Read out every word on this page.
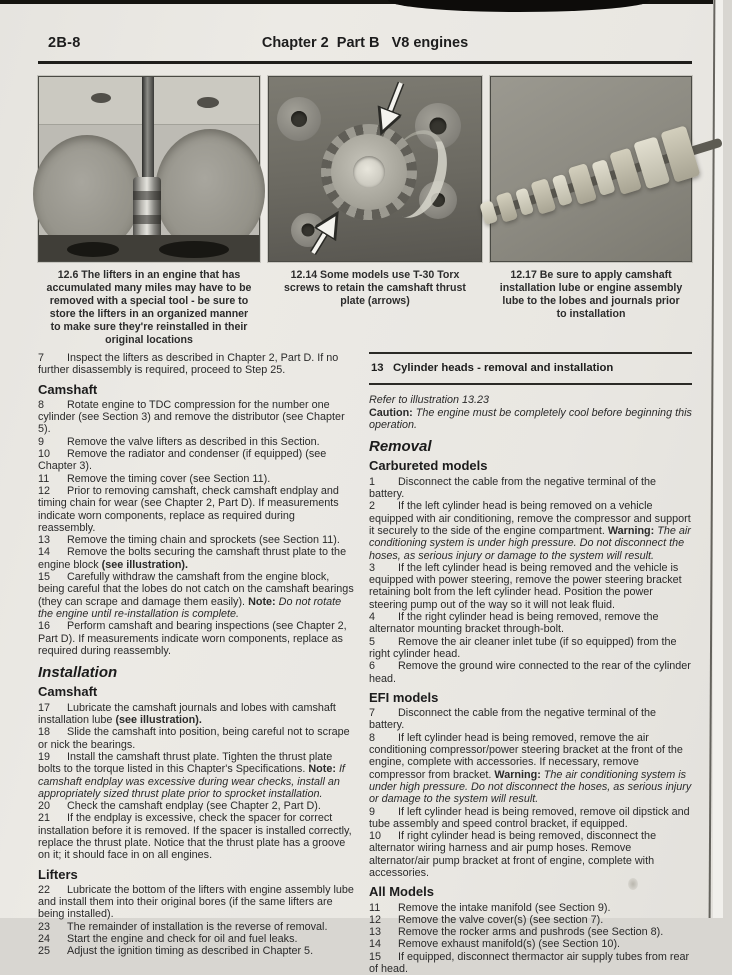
2B-8	Chapter 2  Part B   V8 engines
12.6 The lifters in an engine that has accumulated many miles may have to be removed with a special tool - be sure to store the lifters in an organized manner to make sure they're reinstalled in their original locations
12.14 Some models use T-30 Torx screws to retain the camshaft thrust plate (arrows)
12.17 Be sure to apply camshaft installation lube or engine assembly lube to the lobes and journals prior to installation
7 Inspect the lifters as described in Chapter 2, Part D. If no further disassembly is required, proceed to Step 25.
Camshaft
8 Rotate engine to TDC compression for the number one cylinder (see Section 3) and remove the distributor (see Chapter 5).
9 Remove the valve lifters as described in this Section.
10 Remove the radiator and condenser (if equipped) (see Chapter 3).
11 Remove the timing cover (see Section 11).
12 Prior to removing camshaft, check camshaft endplay and timing chain for wear (see Chapter 2, Part D). If measurements indicate worn components, replace as required during reassembly.
13 Remove the timing chain and sprockets (see Section 11).
14 Remove the bolts securing the camshaft thrust plate to the engine block (see illustration).
15 Carefully withdraw the camshaft from the engine block, being careful that the lobes do not catch on the camshaft bearings (they can scrape and damage them easily). Note: Do not rotate the engine until re-installation is complete.
16 Perform camshaft and bearing inspections (see Chapter 2, Part D). If measurements indicate worn components, replace as required during reassembly.
Installation
Camshaft
17 Lubricate the camshaft journals and lobes with camshaft installation lube (see illustration).
18 Slide the camshaft into position, being careful not to scrape or nick the bearings.
19 Install the camshaft thrust plate. Tighten the thrust plate bolts to the torque listed in this Chapter's Specifications. Note: If camshaft endplay was excessive during wear checks, install an appropriately sized thrust plate prior to sprocket installation.
20 Check the camshaft endplay (see Chapter 2, Part D).
21 If the endplay is excessive, check the spacer for correct installation before it is removed. If the spacer is installed correctly, replace the thrust plate. Notice that the thrust plate has a groove on it; it should face in on all engines.
Lifters
22 Lubricate the bottom of the lifters with engine assembly lube and install them into their original bores (if the same lifters are being installed).
23 The remainder of installation is the reverse of removal.
24 Start the engine and check for oil and fuel leaks.
25 Adjust the ignition timing as described in Chapter 5.
13   Cylinder heads - removal and installation
Refer to illustration 13.23
Caution: The engine must be completely cool before beginning this operation.
Removal
Carbureted models
1 Disconnect the cable from the negative terminal of the battery.
2 If the left cylinder head is being removed on a vehicle equipped with air conditioning, remove the compressor and support it securely to the side of the engine compartment. Warning: The air conditioning system is under high pressure. Do not disconnect the hoses, as serious injury or damage to the system will result.
3 If the left cylinder head is being removed and the vehicle is equipped with power steering, remove the power steering bracket retaining bolt from the left cylinder head. Position the power steering pump out of the way so it will not leak fluid.
4 If the right cylinder head is being removed, remove the alternator mounting bracket through-bolt.
5 Remove the air cleaner inlet tube (if so equipped) from the right cylinder head.
6 Remove the ground wire connected to the rear of the cylinder head.
EFI models
7 Disconnect the cable from the negative terminal of the battery.
8 If left cylinder head is being removed, remove the air conditioning compressor/power steering bracket at the front of the engine, complete with accessories. If necessary, remove compressor from bracket. Warning: The air conditioning system is under high pressure. Do not disconnect the hoses, as serious injury or damage to the system will result.
9 If left cylinder head is being removed, remove oil dipstick and tube assembly and speed control bracket, if equipped.
10 If right cylinder head is being removed, disconnect the alternator wiring harness and air pump hoses. Remove alternator/air pump bracket at front of engine, complete with accessories.
All Models
11 Remove the intake manifold (see Section 9).
12 Remove the valve cover(s) (see section 7).
13 Remove the rocker arms and pushrods (see Section 8).
14 Remove exhaust manifold(s) (see Section 10).
15 If equipped, disconnect thermactor air supply tubes from rear of head.
